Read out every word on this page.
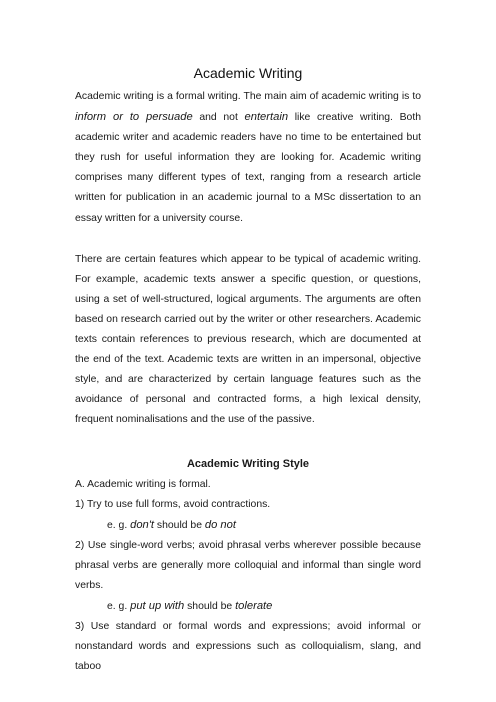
Academic Writing

Academic writing is a formal writing. The main aim of academic writing is to inform or to persuade and not entertain like creative writing. Both academic writer and academic readers have no time to be entertained but they rush for useful information they are looking for. Academic writing comprises many different types of text, ranging from a research article written for publication in an academic journal to a MSc dissertation to an essay written for a university course.

There are certain features which appear to be typical of academic writing. For example, academic texts answer a specific question, or questions, using a set of well-structured, logical arguments. The arguments are often based on research carried out by the writer or other researchers. Academic texts contain references to previous research, which are documented at the end of the text. Academic texts are written in an impersonal, objective style, and are characterized by certain language features such as the avoidance of personal and contracted forms, a high lexical density, frequent nominalisations and the use of the passive.

Academic Writing Style

A. Academic writing is formal.

1) Try to use full forms, avoid contractions.

e. g. don't should be do not

2) Use single-word verbs; avoid phrasal verbs wherever possible because phrasal verbs are generally more colloquial and informal than single word verbs.

e. g. put up with should be tolerate

3) Use standard or formal words and expressions; avoid informal or nonstandard words and expressions such as colloquialism, slang, and taboo
